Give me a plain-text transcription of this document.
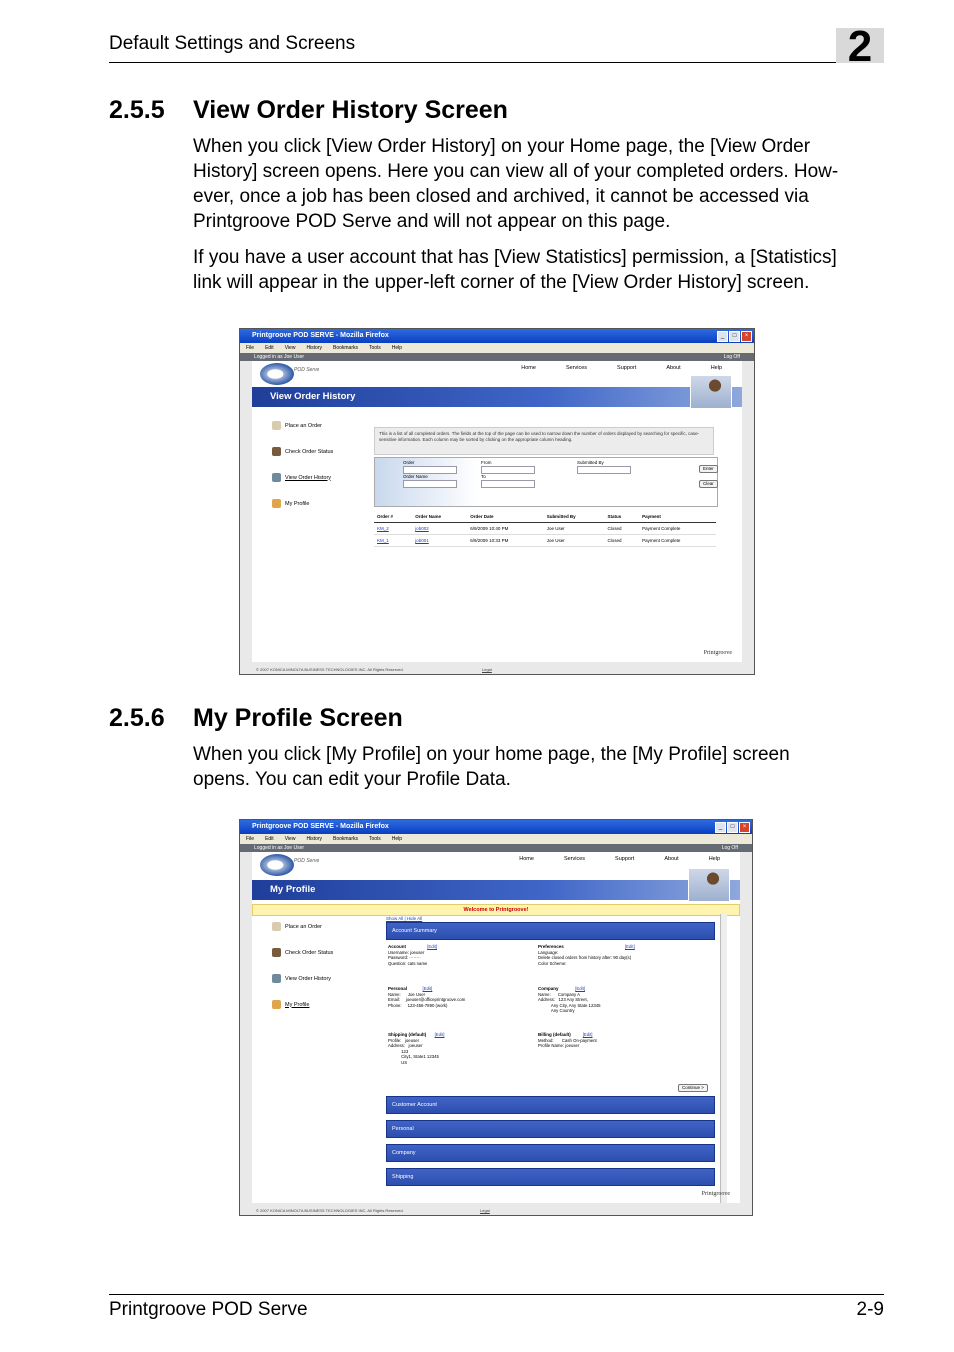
Default Settings and Screens	2
2.5.5 View Order History Screen
When you click [View Order History] on your Home page, the [View Order
History] screen opens. Here you can view all of your completed orders. How-
ever, once a job has been closed and archived, it cannot be accessed via
Printgroove POD Serve and will not appear on this page.
If you have a user account that has [View Statistics] permission, a [Statistics]
link will appear in the upper-left corner of the [View Order History] screen.
Printgroove POD SERVE - Mozilla Firefox	_	□	×
File Edit View History Bookmarks Tools Help
Logged in as Joe User	Log Off
POD Serve	Home	Services	Support	About	Help
View Order History
Place an Order
Check Order Status
View Order History
My Profile
This is a list of all completed orders. The fields at the top of the page can be used to narrow down the number of orders displayed by searching for specific, case-sensitive information. Each column may be sorted by clicking on the appropriate column heading.
Order
Order Name
From
To
Submitted By
Enter
Clear
Order #	Order Name	Order Date	Submitted By	Status	Payment
KM_2	job002	6/9/2009 10:40 PM	Joe User	Closed	Payment Complete
KM_1	job001	6/9/2009 10:33 PM	Joe User	Closed	Payment Complete
Printgroove
© 2007 KONICA MINOLTA BUSINESS TECHNOLOGIES INC. All Rights Reserved.	Legal
2.5.6 My Profile Screen
When you click [My Profile] on your home page, the [My Profile] screen
opens. You can edit your Profile Data.
Printgroove POD SERVE - Mozilla Firefox	_	□	×
File Edit View History Bookmarks Tools Help
Logged in as Joe User	Log Off
POD Serve	Home	Services	Support	About	Help
My Profile
Welcome to Printgroove!
Place an Order
Check Order Status
View Order History
My Profile
Show All | Hide All
Account Summary
Account	[Edit]
Username: joeuser
Password: ········
Question: cats name
Preferences	[Edit]
Language:
Delete closed orders from history after: 90 day(s)
Color Scheme:
Personal	[Edit]
Name:      Joe User
Email:     joeuser@officeprintgroove.com
Phone:     123-456-7890 (work)
Company	[Edit]
Name:      Company A
Address:   123 Any Street,
Any City, Any State 12345
Any Country
Shipping (default) [Edit]
Profile:   joeuser
Address:   joeuser
123
City1, State1 12345
US
Billing (default)	[Edit]
Method:       Cash On-payment
Profile Name: joeuser
Continue >
Customer Account
Personal
Company
Shipping
Printgroove
© 2007 KONICA MINOLTA BUSINESS TECHNOLOGIES INC. All Rights Reserved.	Legal
Printgroove POD Serve	2-9
